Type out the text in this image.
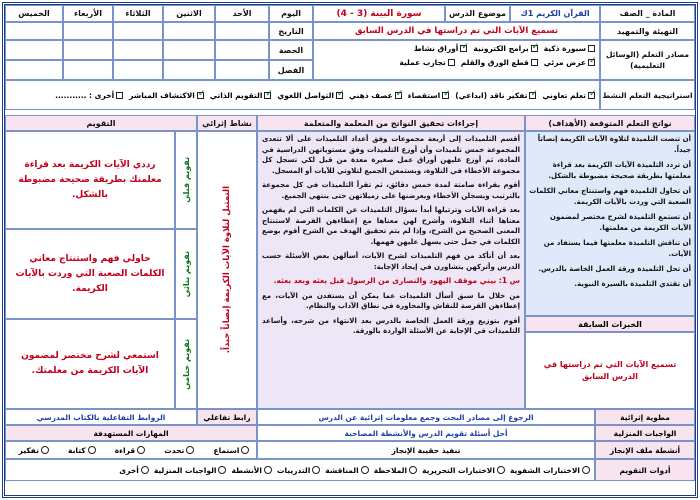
المادة _ الصف
القرآن الكريم 1ك
موضوع الدرس
سورة البينة (3 - 4)
اليوم
الأحد
الاثنين
الثلاثاء
الأربعاء
الخميس
التهيئة والتمهيد
تسميع الآيات التي تم دراستها في الدرس السابق
التاريخ
مصادر التعلم (الوسائل التعليمية)
سبورة ذكية
✓
برامج الكترونية
✓
أوراق نشاط
✓
عرض مرئي
قطع الورق والقلم
تجارب عملية
الحصة
الفصل
استراتيجية التعلم النشط
✓
تعلم تعاوني
✓
تفكير ناقد (ابداعي)
✓
استقصاء
✓
عصف ذهني
✓
التواصل اللغوي
✓
التقويم الذاتي
✓
الاكتشاف المباشر
أخرى : ...........
نواتج التعلم المتوقعة (الأهداف)
إجراءات تحقيق النواتج من المعلمة والمتعلمة
نشاط إثرائي
التقويم
أن تنصت التلميذة لتلاوة الآيات الكريمة إنصاتاً جيداً.
أن تردد التلميذة الآيات الكريمة بعد قراءة معلمتها بطريقة صحيحة مضبوطة بالشكل.
أن تحاول التلميذة فهم واستنتاج معاني الكلمات الصعبة التي وردت بالآيات الكريمة.
أن تستمع التلميذة لشرح مختصر لمضمون الآيات الكريمة من معلمتها.
أن تناقش التلميذة معلمتها فيما يستفاد من الآيات.
أن تحل التلميذة ورقة العمل الخاصة بالدرس.
أن تقتدي التلميذة بالسيرة النبوية.
الخبرات السابقة
تسميع الآيات التي تم دراستها في الدرس السابق
أقسم التلميذات إلى أربعة مجموعات وفق أعداد التلميذات على ألا تتعدى المجموعة خمس تلميذات وأن أوزع التلميذات وفق مستوياتهن الدراسية في المادة، ثم أوزع عليهن أوراق عمل صغيرة معدة من قبل لكي تسجل كل مجموعة الأخطاء في التلاوة، وبستمعن الجميع لتلاوتي للآيات أو المسجل.
أقوم بقراءة صامتة لمدة خمس دقائق، ثم تقرأ التلميذات في كل مجموعة بالترتيب ويسجلن الأخطاء ويعرضنها على زميلاتهن حتى ينتهي الجميع.
بعد قراءة الآيات وترتيلها أبدأ بسؤال التلميذات عن الكلمات التي لم يفهمن معناها أثناء التلاوة، وأشرح لهن معناها مع إعطاءهن الفرصة لاستنتاج المعنى الصحيح من الشرح، وإذا لم يتم تحقيق الهدف من الشرح أقوم بوضع الكلمات في جمل حتى يسهل عليهن فهمها.
بعد أن أتأكد من فهم التلميذات لشرح الآيات، أسألهن بعض الأسئلة حسب الدرس وأتركهن يتشاورن في إيجاد الإجابة:
س 1: بيني موقف اليهود والنصارى من الرسول قبل بعثه وبعد بعثه.
من خلال ما سبق أسأل التلميذات عما يمكن أن يستفدن من الآيات، مع إعطاءهن الفرصة للنقاش والمحاورة في نطاق الآداب والنظام.
أقوم بتوزيع ورقة العمل الخاصة بالدرس بعد الانتهاء من شرحه، وأساعد التلميذات في الإجابة عن الأسئلة الواردة بالورقة.
التمثيل لتلاوة الآيات الكريمة إنصاتاً جيداً.
تقويم قبلي
رددي الآيات الكريمة بعد قراءة معلمتك بطريقة صحيحة مضبوطة بالشكل.
تقويم بنائي
حاولي فهم واستنتاج معاني الكلمات الصعبة التي وردت بالآيات الكريمة.
تقويم ختامي
استمعي لشرح مختصر لمضمون الآيات الكريمة من معلمتك.
مطوية إثرائية
الرجوع إلى مصادر البحث وجمع معلومات إثرائية عن الدرس
رابط تفاعلي
الروابط التفاعلية بالكتاب المدرسي
الواجبات المنزلية
أحل أسئلة تقويم الدرس والأنشطة المصاحبة
المهارات المستهدفة
أنشطة ملف الإنجاز
تنفيذ حقيبة الإنجاز
استماع
تحدث
قراءة
كتابة
تفكير
أدوات التقويم
الاختبارات الشفوية
الاختبارات التحريرية
الملاحظة
المناقشة
التدريبات
الأنشطة
الواجبات المنزلية
أخرى
